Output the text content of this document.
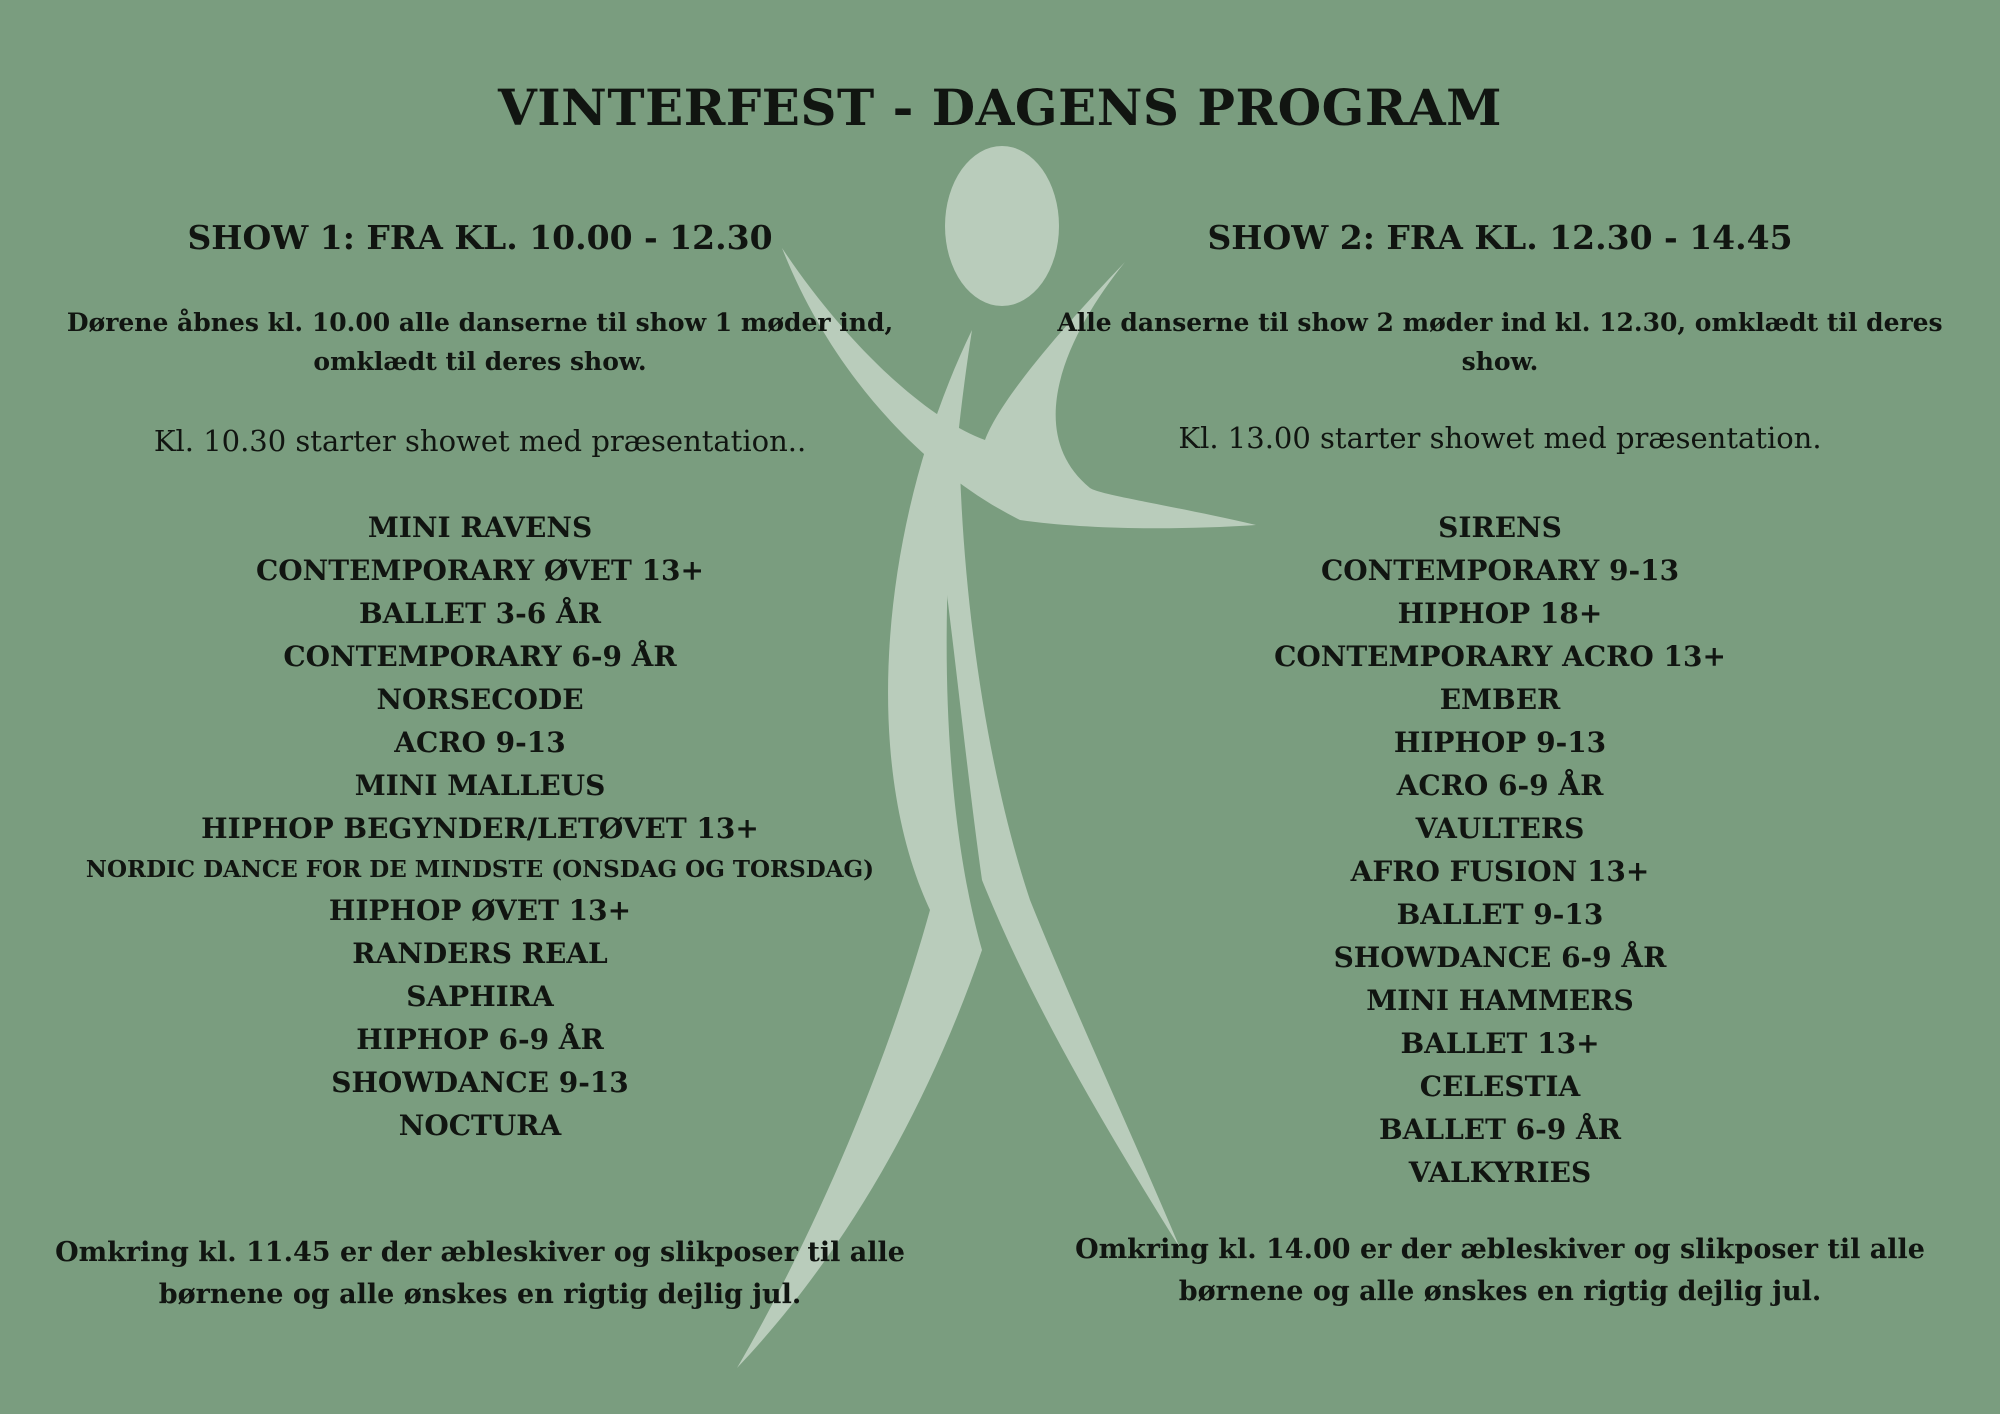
VINTERFEST - DAGENS PROGRAM
SHOW 1: FRA KL. 10.00 - 12.30
Dørene åbnes kl. 10.00 alle danserne til show 1 møder ind, omklædt til deres show.
Kl. 10.30 starter showet med præsentation..
MINI RAVENS
CONTEMPORARY ØVET 13+
BALLET 3-6 ÅR
CONTEMPORARY 6-9 ÅR
NORSECODE
ACRO 9-13
MINI MALLEUS
HIPHOP BEGYNDER/LETØVET 13+
NORDIC DANCE FOR DE MINDSTE (ONSDAG OG TORSDAG)
HIPHOP ØVET 13+
RANDERS REAL
SAPHIRA
HIPHOP 6-9 ÅR
SHOWDANCE 9-13
NOCTURA
Omkring kl. 11.45 er der æbleskiver og slikposer til alle børnene og alle ønskes en rigtig dejlig jul.
SHOW 2: FRA KL. 12.30 - 14.45
Alle danserne til show 2 møder ind kl. 12.30, omklædt til deres show.
Kl. 13.00 starter showet med præsentation.
SIRENS
CONTEMPORARY 9-13
HIPHOP 18+
CONTEMPORARY ACRO 13+
EMBER
HIPHOP 9-13
ACRO 6-9 ÅR
VAULTERS
AFRO FUSION 13+
BALLET 9-13
SHOWDANCE 6-9 ÅR
MINI HAMMERS
BALLET 13+
CELESTIA
BALLET 6-9 ÅR
VALKYRIES
Omkring kl. 14.00 er der æbleskiver og slikposer til alle børnene og alle ønskes en rigtig dejlig jul.
